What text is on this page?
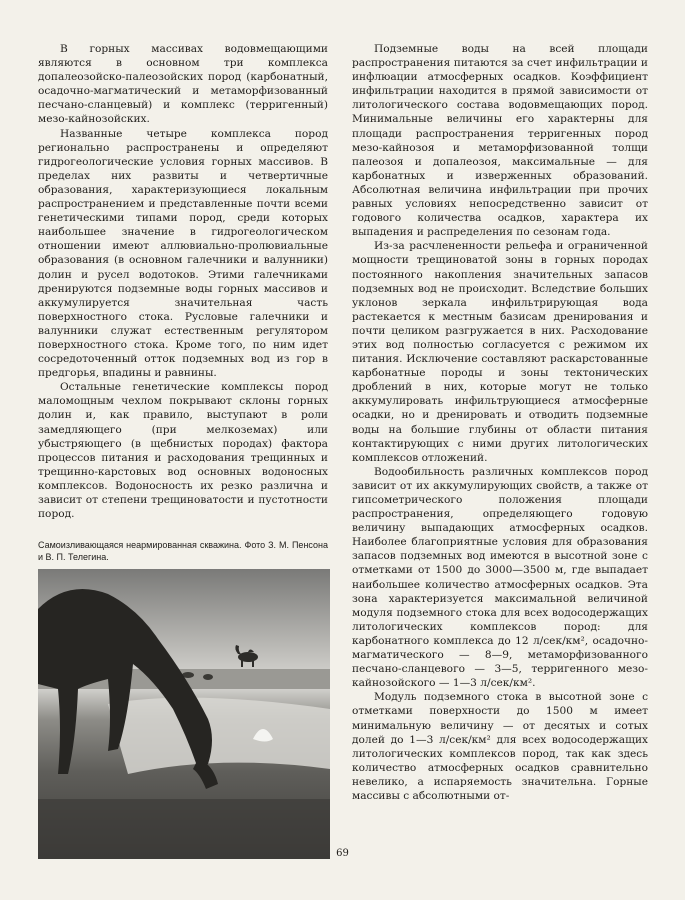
В горных массивах водовмещающими являются в основном три комплекса допалеозойско-палеозойских пород (карбонатный, осадочно-магматический и метаморфизованный песчано-сланцевый) и комплекс (терригенный) мезо-кайнозойских.

Названные четыре комплекса пород регионально распространены и определяют гидрогеологические условия горных массивов. В пределах них развиты и четвертичные образования, характеризующиеся локальным распространением и представленные почти всеми генетическими типами пород, среди которых наибольшее значение в гидрогеологическом отношении имеют аллювиально-пролювиальные образования (в основном галечники и валунники) долин и русел водотоков. Этими галечниками дренируются подземные воды горных массивов и аккумулируется значительная часть поверхностного стока. Русловые галечники и валунники служат естественным регулятором поверхностного стока. Кроме того, по ним идет сосредоточенный отток подземных вод из гор в предгорья, впадины и равнины.

Остальные генетические комплексы пород маломощным чехлом покрывают склоны горных долин и, как правило, выступают в роли замедляющего (при мелкоземах) или убыстряющего (в щебнистых породах) фактора процессов питания и расходования трещинных и трещинно-карстовых вод основных водоносных комплексов. Водоносность их резко различна и зависит от степени трещиноватости и пустотности пород.

Самоизливающаяся неармированная скважина. Фото З. М. Пенсона и В. П. Телегина.

Подземные воды на всей площади распространения питаются за счет инфильтрации и инфлюации атмосферных осадков. Коэффициент инфильтрации находится в прямой зависимости от литологического состава водовмещающих пород. Минимальные величины его характерны для площади распространения терригенных пород мезо-кайнозоя и метаморфизованной толщи палеозоя и допалеозоя, максимальные — для карбонатных и изверженных образований. Абсолютная величина инфильтрации при прочих равных условиях непосредственно зависит от годового количества осадков, характера их выпадения и распределения по сезонам года.

Из-за расчлененности рельефа и ограниченной мощности трещиноватой зоны в горных породах постоянного накопления значительных запасов подземных вод не происходит. Вследствие больших уклонов зеркала инфильтрирующая вода растекается к местным базисам дренирования и почти целиком разгружается в них. Расходование этих вод полностью согласуется с режимом их питания. Исключение составляют раскарстованные карбонатные породы и зоны тектонических дроблений в них, которые могут не только аккумулировать инфильтрующиеся атмосферные осадки, но и дренировать и отводить подземные воды на большие глубины от области питания контактирующих с ними других литологических комплексов отложений.

Водообильность различных комплексов пород зависит от их аккумулирующих свойств, а также от гипсометрического положения площади распространения, определяющего годовую величину выпадающих атмосферных осадков. Наиболее благоприятные условия для образования запасов подземных вод имеются в высотной зоне с отметками от 1500 до 3000—3500 м, где выпадает наибольшее количество атмосферных осадков. Эта зона характеризуется максимальной величиной модуля подземного стока для всех водосодержащих литологических комплексов пород: для карбонатного комплекса до 12 л/сек/км², осадочно-магматического — 8—9, метаморфизованного песчано-сланцевого — 3—5, терригенного мезо-кайнозойского — 1—3 л/сек/км².

Модуль подземного стока в высотной зоне с отметками поверхности до 1500 м имеет минимальную величину — от десятых и сотых долей до 1—3 л/сек/км² для всех водосодержащих литологических комплексов пород, так как здесь количество атмосферных осадков сравнительно невелико, а испаряемость значительна. Горные массивы с абсолютными от-

69
